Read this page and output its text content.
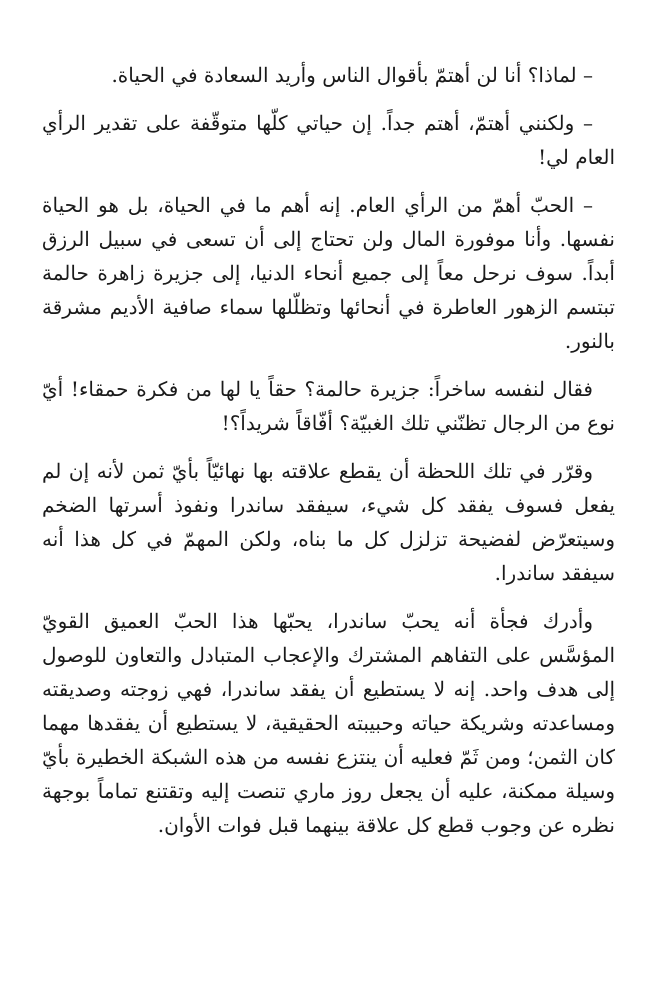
– لماذا؟ أنا لن أهتمّ بأقوال الناس وأريد السعادة في الحياة.

– ولكنني أهتمّ، أهتم جداً. إن حياتي كلّها متوقّفة على تقدير الرأي العام لي!

– الحبّ أهمّ من الرأي العام. إنه أهم ما في الحياة، بل هو الحياة نفسها. وأنا موفورة المال ولن تحتاج إلى أن تسعى في سبيل الرزق أبداً. سوف نرحل معاً إلى جميع أنحاء الدنيا، إلى جزيرة زاهرة حالمة تبتسم الزهور العاطرة في أنحائها وتظلّلها سماء صافية الأديم مشرقة بالنور.

فقال لنفسه ساخراً: جزيرة حالمة؟ حقاً يا لها من فكرة حمقاء! أيّ نوع من الرجال تظنّني تلك الغبيّة؟ أفّاقاً شريداً؟!

وقرّر في تلك اللحظة أن يقطع علاقته بها نهائيّاً بأيّ ثمن لأنه إن لم يفعل فسوف يفقد كل شيء، سيفقد ساندرا ونفوذ أسرتها الضخم وسيتعرّض لفضيحة تزلزل كل ما بناه، ولكن المهمّ في كل هذا أنه سيفقد ساندرا.

وأدرك فجأة أنه يحبّ ساندرا، يحبّها هذا الحبّ العميق القويّ المؤسَّس على التفاهم المشترك والإعجاب المتبادل والتعاون للوصول إلى هدف واحد. إنه لا يستطيع أن يفقد ساندرا، فهي زوجته وصديقته ومساعدته وشريكة حياته وحبيبته الحقيقية، لا يستطيع أن يفقدها مهما كان الثمن؛ ومن ثَمّ فعليه أن ينتزع نفسه من هذه الشبكة الخطيرة بأيّ وسيلة ممكنة، عليه أن يجعل روز ماري تنصت إليه وتقتنع تماماً بوجهة نظره عن وجوب قطع كل علاقة بينهما قبل فوات الأوان.
